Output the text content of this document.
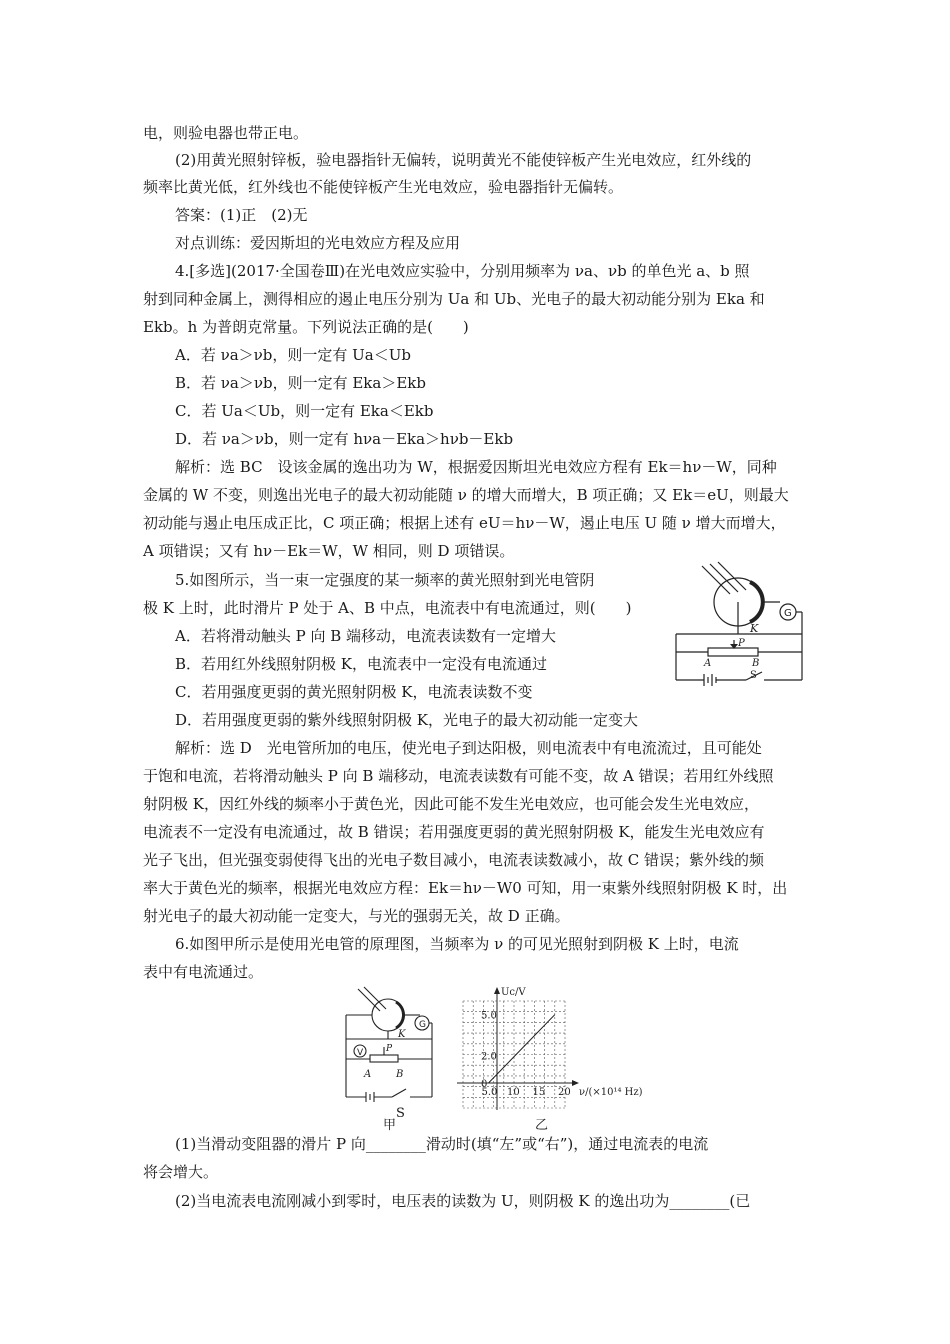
电，则验电器也带正电。
(2)用黄光照射锌板，验电器指针无偏转，说明黄光不能使锌板产生光电效应，红外线的
频率比黄光低，红外线也不能使锌板产生光电效应，验电器指针无偏转。
答案：(1)正　(2)无
对点训练：爱因斯坦的光电效应方程及应用
4.[多选](2017·全国卷Ⅲ)在光电效应实验中，分别用频率为 νa、νb 的单色光 a、b 照
射到同种金属上，测得相应的遏止电压分别为 Ua 和 Ub、光电子的最大初动能分别为 Eka 和
Ekb。h 为普朗克常量。下列说法正确的是(　　)
A．若 νa＞νb，则一定有 Ua＜Ub
B．若 νa＞νb，则一定有 Eka＞Ekb
C．若 Ua＜Ub，则一定有 Eka＜Ekb
D．若 νa＞νb，则一定有 hνa－Eka＞hνb－Ekb
解析：选 BC　设该金属的逸出功为 W，根据爱因斯坦光电效应方程有 Ek＝hν－W，同种
金属的 W 不变，则逸出光电子的最大初动能随 ν 的增大而增大，B 项正确；又 Ek＝eU，则最大
初动能与遏止电压成正比，C 项正确；根据上述有 eU＝hν－W，遏止电压 U 随 ν 增大而增大，
A 项错误；又有 hν－Ek＝W，W 相同，则 D 项错误。
5.如图所示，当一束一定强度的某一频率的黄光照射到光电管阴
极 K 上时，此时滑片 P 处于 A、B 中点，电流表中有电流通过，则(　　)
A．若将滑动触头 P 向 B 端移动，电流表读数有一定增大
B．若用红外线照射阴极 K，电流表中一定没有电流通过
C．若用强度更弱的黄光照射阴极 K，电流表读数不变
D．若用强度更弱的紫外线照射阴极 K，光电子的最大初动能一定变大
解析：选 D　光电管所加的电压，使光电子到达阳极，则电流表中有电流流过，且可能处
于饱和电流，若将滑动触头 P 向 B 端移动，电流表读数有可能不变，故 A 错误；若用红外线照
射阴极 K，因红外线的频率小于黄色光，因此可能不发生光电效应，也可能会发生光电效应，
电流表不一定没有电流通过，故 B 错误；若用强度更弱的黄光照射阴极 K，能发生光电效应有
光子飞出，但光强变弱使得飞出的光电子数目减小，电流表读数减小，故 C 错误；紫外线的频
率大于黄色光的频率，根据光电效应方程：Ek＝hν－W0 可知，用一束紫外线照射阴极 K 时，出
射光电子的最大初动能一定变大，与光的强弱无关，故 D 正确。
6.如图甲所示是使用光电管的原理图，当频率为 ν 的可见光照射到阴极 K 上时，电流
表中有电流通过。
(1)当滑动变阻器的滑片 P 向________滑动时(填“左”或“右”)，通过电流表的电流
将会增大。
(2)当电流表电流刚减小到零时，电压表的读数为 U，则阴极 K 的逸出功为________(已
K
G
P
A	B
S
V
K
G
P
A B
S
甲
Uc/V
5.0
2.0
0
5.0 10 15 20 ν/(×10¹⁴ Hz)
乙
